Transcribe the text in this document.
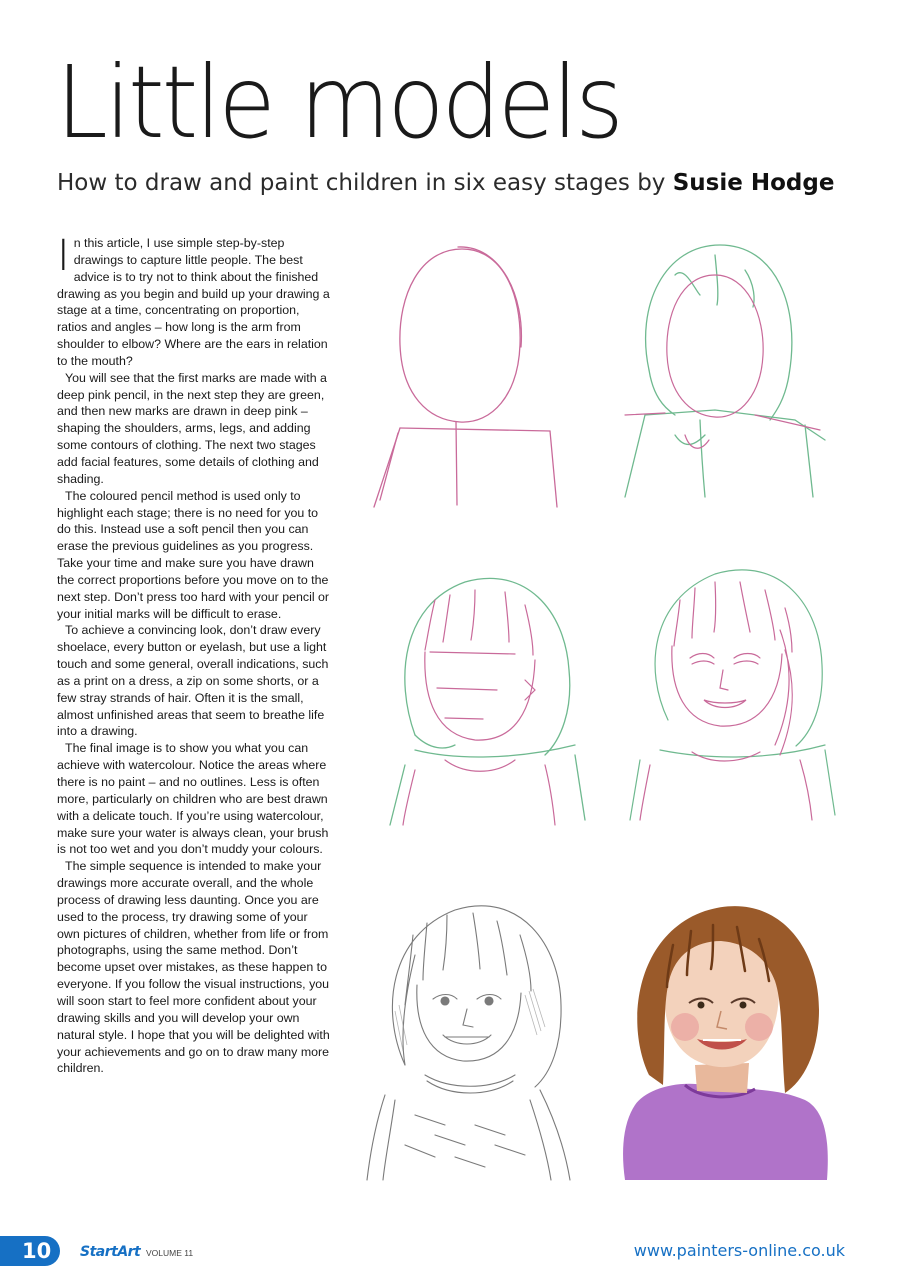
Little models
How to draw and paint children in six easy stages by Susie Hodge

In this article, I use simple step-by-step drawings to capture little people. The best advice is to try not to think about the finished drawing as you begin and build up your drawing a stage at a time, concentrating on proportion, ratios and angles – how long is the arm from shoulder to elbow? Where are the ears in relation to the mouth?

You will see that the first marks are made with a deep pink pencil, in the next step they are green, and then new marks are drawn in deep pink – shaping the shoulders, arms, legs, and adding some contours of clothing. The next two stages add facial features, some details of clothing and shading.

The coloured pencil method is used only to highlight each stage; there is no need for you to do this. Instead use a soft pencil then you can erase the previous guidelines as you progress. Take your time and make sure you have drawn the correct proportions before you move on to the next step. Don’t press too hard with your pencil or your initial marks will be difficult to erase.

To achieve a convincing look, don’t draw every shoelace, every button or eyelash, but use a light touch and some general, overall indications, such as a print on a dress, a zip on some shorts, or a few stray strands of hair. Often it is the small, almost unfinished areas that seem to breathe life into a drawing.

The final image is to show you what you can achieve with watercolour. Notice the areas where there is no paint – and no outlines. Less is often more, particularly on children who are best drawn with a delicate touch. If you’re using watercolour, make sure your water is always clean, your brush is not too wet and you don’t muddy your colours.

The simple sequence is intended to make your drawings more accurate overall, and the whole process of drawing less daunting. Once you are used to the process, try drawing some of your own pictures of children, whether from life or from photographs, using the same method. Don’t become upset over mistakes, as these happen to everyone. If you follow the visual instructions, you will soon start to feel more confident about your drawing skills and you will develop your own natural style. I hope that you will be delighted with your achievements and go on to draw many more children.

10	StartArt VOLUME 11	www.painters-online.co.uk
